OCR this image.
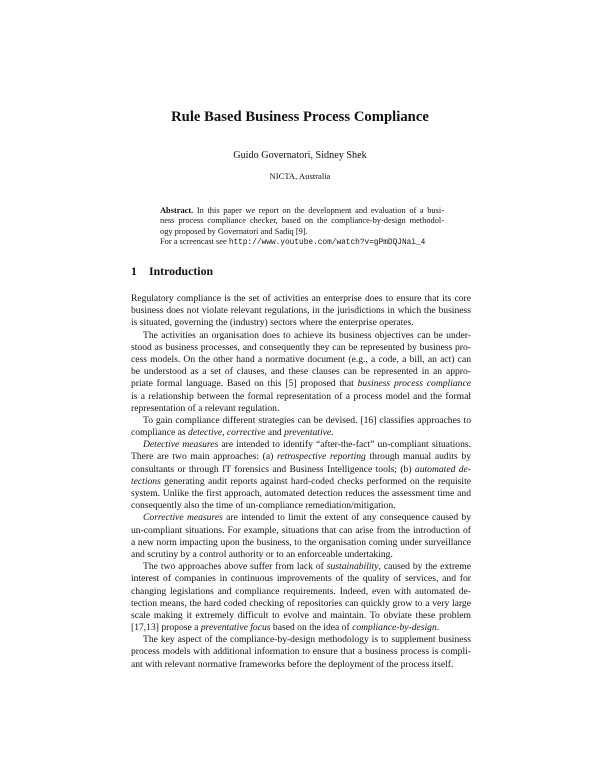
Rule Based Business Process Compliance
Guido Governatori, Sidney Shek
NICTA, Australia
Abstract. In this paper we report on the development and evaluation of a busi-
ness process compliance checker, based on the compliance-by-design methodol-
ogy proposed by Governatori and Sadiq [9].
For a screencast see http://www.youtube.com/watch?v=gPmDQJNai_4
1 Introduction
Regulatory compliance is the set of activities an enterprise does to ensure that its core
business does not violate relevant regulations, in the jurisdictions in which the business
is situated, governing the (industry) sectors where the enterprise operates.
The activities an organisation does to achieve its business objectives can be under-
stood as business processes, and consequently they can be represented by business pro-
cess models. On the other hand a normative document (e.g., a code, a bill, an act) can
be understood as a set of clauses, and these clauses can be represented in an appro-
priate formal language. Based on this [5] proposed that business process compliance
is a relationship between the formal representation of a process model and the formal
representation of a relevant regulation.
To gain compliance different strategies can be devised. [16] classifies approaches to
compliance as detective, corrective and preventative.
Detective measures are intended to identify “after-the-fact” un-compliant situations.
There are two main approaches: (a) retrospective reporting through manual audits by
consultants or through IT forensics and Business Intelligence tools; (b) automated de-
tections generating audit reports against hard-coded checks performed on the requisite
system. Unlike the first approach, automated detection reduces the assessment time and
consequently also the time of un-compliance remediation/mitigation.
Corrective measures are intended to limit the extent of any consequence caused by
un-compliant situations. For example, situations that can arise from the introduction of
a new norm impacting upon the business, to the organisation coming under surveillance
and scrutiny by a control authority or to an enforceable undertaking.
The two approaches above suffer from lack of sustainability, caused by the extreme
interest of companies in continuous improvements of the quality of services, and for
changing legislations and compliance requirements. Indeed, even with automated de-
tection means, the hard coded checking of repositories can quickly grow to a very large
scale making it extremely difficult to evolve and maintain. To obviate these problem
[17,13] propose a preventative focus based on the idea of compliance-by-design.
The key aspect of the compliance-by-design methodology is to supplement business
process models with additional information to ensure that a business process is compli-
ant with relevant normative frameworks before the deployment of the process itself.
